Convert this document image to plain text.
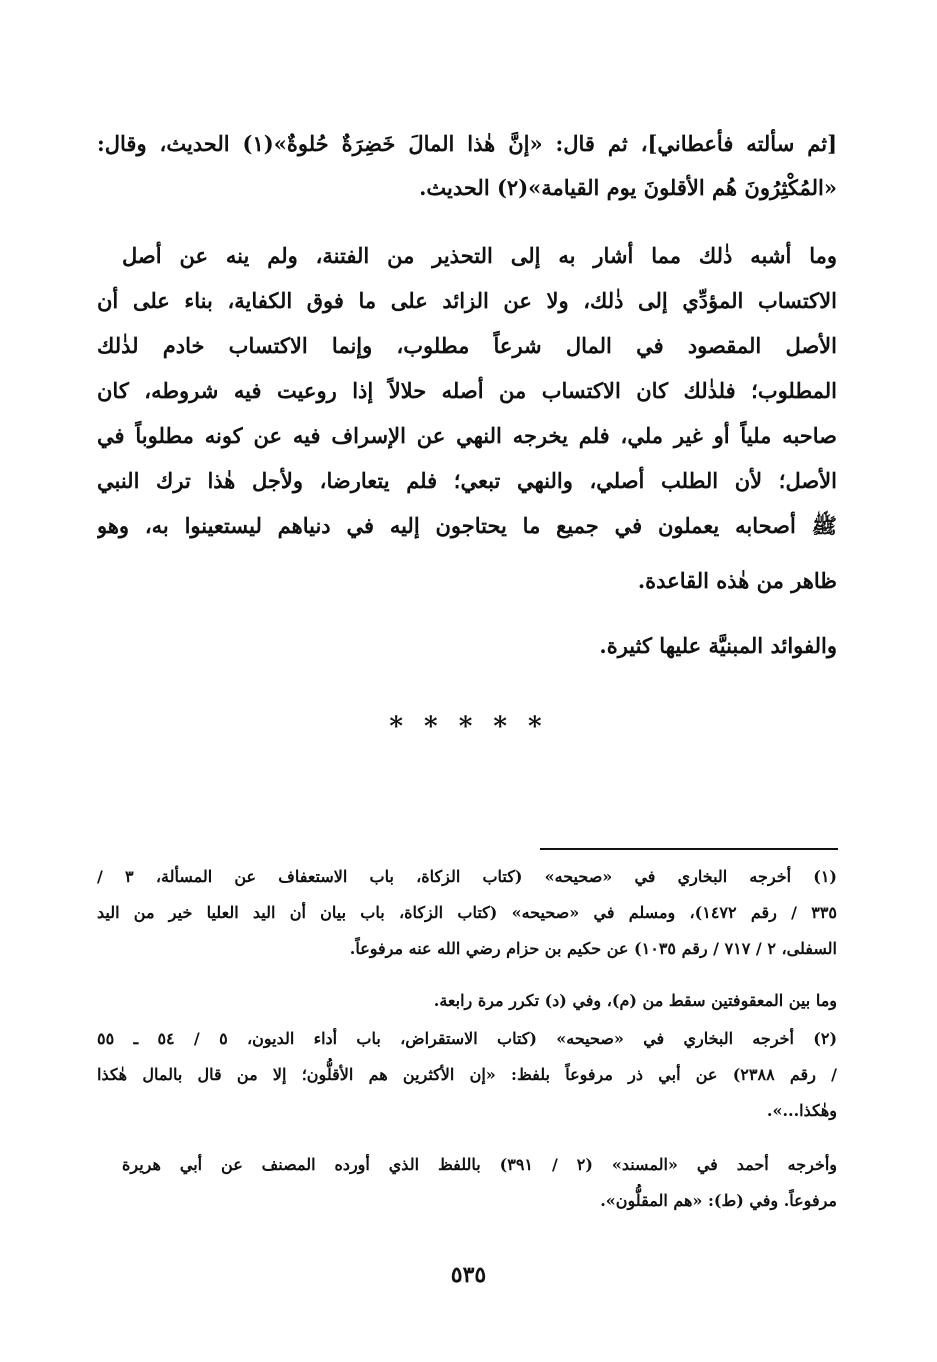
[ثم سألته فأعطاني]، ثم قال: «إنَّ هٰذا المالَ خَضِرَةٌ حُلوةٌ»(١) الحديث، وقال:
«المُكْثِرُونَ هُم الأقلونَ يوم القيامة»(٢) الحديث.
وما أشبه ذٰلك مما أشار به إلى التحذير من الفتنة، ولم ينه عن أصل
الاكتساب المؤدِّي إلى ذٰلك، ولا عن الزائد على ما فوق الكفاية، بناء على أن
الأصل المقصود في المال شرعاً مطلوب، وإنما الاكتساب خادم لذٰلك
المطلوب؛ فلذٰلك كان الاكتساب من أصله حلالاً إذا روعيت فيه شروطه، كان
صاحبه ملياً أو غير ملي، فلم يخرجه النهي عن الإسراف فيه عن كونه مطلوباً في
الأصل؛ لأن الطلب أصلي، والنهي تبعي؛ فلم يتعارضا، ولأجل هٰذا ترك النبي
ﷺ أصحابه يعملون في جميع ما يحتاجون إليه في دنياهم ليستعينوا به، وهو
ظاهر من هٰذه القاعدة.
والفوائد المبنيَّة عليها كثيرة.
* * * * *
(١) أخرجه البخاري في «صحيحه» (كتاب الزكاة، باب الاستعفاف عن المسألة، ٣ /
٣٣٥ / رقم ١٤٧٢)، ومسلم في «صحيحه» (كتاب الزكاة، باب بيان أن اليد العليا خير من اليد
السفلى، ٢ / ٧١٧ / رقم ١٠٣٥) عن حكيم بن حزام رضي الله عنه مرفوعاً.
وما بين المعقوفتين سقط من (م)، وفي (د) تكرر مرة رابعة.
(٢) أخرجه البخاري في «صحيحه» (كتاب الاستقراض، باب أداء الديون، ٥ / ٥٤ ـ ٥٥
/ رقم ٢٣٨٨) عن أبي ذر مرفوعاً بلفظ: «إن الأكثرين هم الأقلُّون؛ إلا من قال بالمال هٰكذا
وهٰكذا...».
وأخرجه أحمد في «المسند» (٢ / ٣٩١) باللفظ الذي أورده المصنف عن أبي هريرة
مرفوعاً. وفي (ط): «هم المقلُّون».
٥٣٥
